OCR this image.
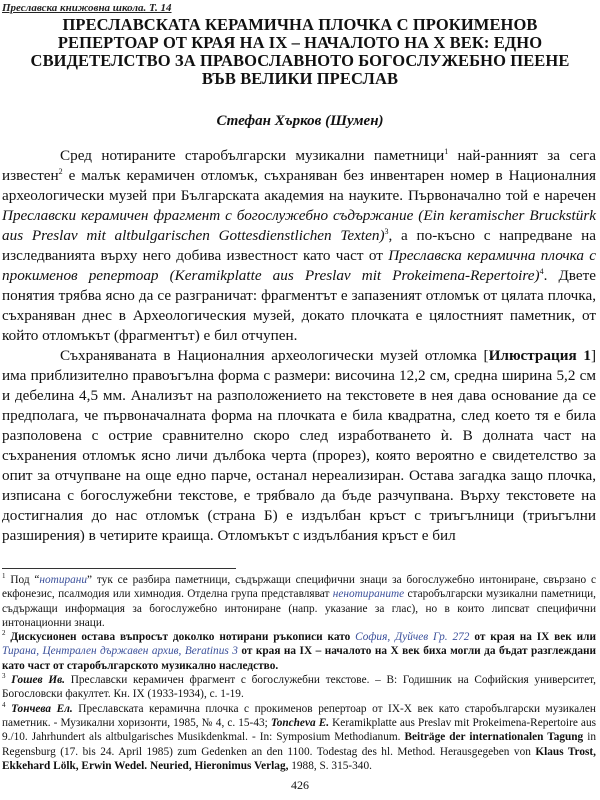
Преславска книжовна школа. Т. 14
ПРЕСЛАВСКАТА КЕРАМИЧНА ПЛОЧКА С ПРОКИМЕНОВ
РЕПЕРТОАР ОТ КРАЯ НА IX – НАЧАЛОТО НА X ВЕК: ЕДНО
СВИДЕТЕЛСТВО ЗА ПРАВОСЛАВНОТО БОГОСЛУЖЕБНО ПЕЕНЕ
ВЪВ ВЕЛИКИ ПРЕСЛАВ
Стефан Хърков (Шумен)

Сред нотираните старобългарски музикални паметници$^1$ най-ранният за сега известен$^2$ е малък керамичен отломък, съхраняван без инвентарен номер в Националния археологически музей при Българската академия на науките. Първоначално той е наречен Преславски керамичен фрагмент с богослужебно съдържание (Ein keramischer Bruckstürk aus Preslav mit altbulgarischen Gottesdienstlichen Texten)$^3$, а по-късно с напредване на изследванията върху него добива известност като част от Преславска керамична плочка с прокименов репертоар (Keramikplatte aus Preslav mit Prokeimena-Repertoire)$^4$. Двете понятия трябва ясно да се разграничат: фрагментът е запазеният отломък от цялата плочка, съхраняван днес в Археологическия музей, докато плочката е цялостният паметник, от който отломъкът (фрагментът) е бил отчупен.

Съхраняваната в Националния археологически музей отломка [Илюстрация 1] има приблизително правоъгълна форма с размери: височина 12,2 см, средна ширина 5,2 см и дебелина 4,5 мм. Анализът на разположението на текстовете в нея дава основание да се предполага, че първоначалната форма на плочката е била квадратна, след което тя е била разполовена с острие сравнително скоро след изработването ѝ. В долната част на съхранения отломък ясно личи дълбока черта (прорез), която вероятно е свидетелство за опит за отчупване на още едно парче, останал нереализиран. Остава загадка защо плочка, изписана с богослужебни текстове, е трябвало да бъде разчупвана. Върху текстовете на достигналия до нас отломък (страна Б) е издълбан кръст с триъгълници (триъгълни разширения) в четирите краища. Отломъкът с издълбания кръст е бил

$^1$ Под “нотирани” тук се разбира паметници, съдържащи специфични знаци за богослужебно интониране, свързано с екфонезис, псалмодия или химнодия. Отделна група представляват ненотираните старобългарски музикални паметници, съдържащи информация за богослужебно интониране (напр. указание за глас), но в които липсват специфични интонационни знаци.
$^2$ Дискусионен остава въпросът доколко нотирани ръкописи като София, Дуйчев Гр. 272 от края на IX век или Тирана, Централен държавен архив, Beratinus 3 от края на IX – началото на X век биха могли да бъдат разглеждани като част от старобългарското музикално наследство.
$^3$ Гошев Ив. Преславски керамичен фрагмент с богослужебни текстове. – В: Годишник на Софийския университет, Богословски факултет. Кн. IX (1933-1934), с. 1-19.
$^4$ Тончева Ел. Преславската керамична плочка с прокименов репертоар от IX-X век като старобългарски музикален паметник. - Музикални хоризонти, 1985, № 4, с. 15-43; Toncheva E. Keramikplatte aus Preslav mit Prokeimena-Repertoire aus 9./10. Jahrhundert als altbulgarisches Musikdenkmal. - In: Symposium Methodianum. Beiträge der internationalen Tagung in Regensburg (17. bis 24. April 1985) zum Gedenken an den 1100. Todestag des hl. Method. Herausgegeben von Klaus Trost, Ekkehard Lölk, Erwin Wedel. Neuried, Hieronimus Verlag, 1988, S. 315-340.
426
